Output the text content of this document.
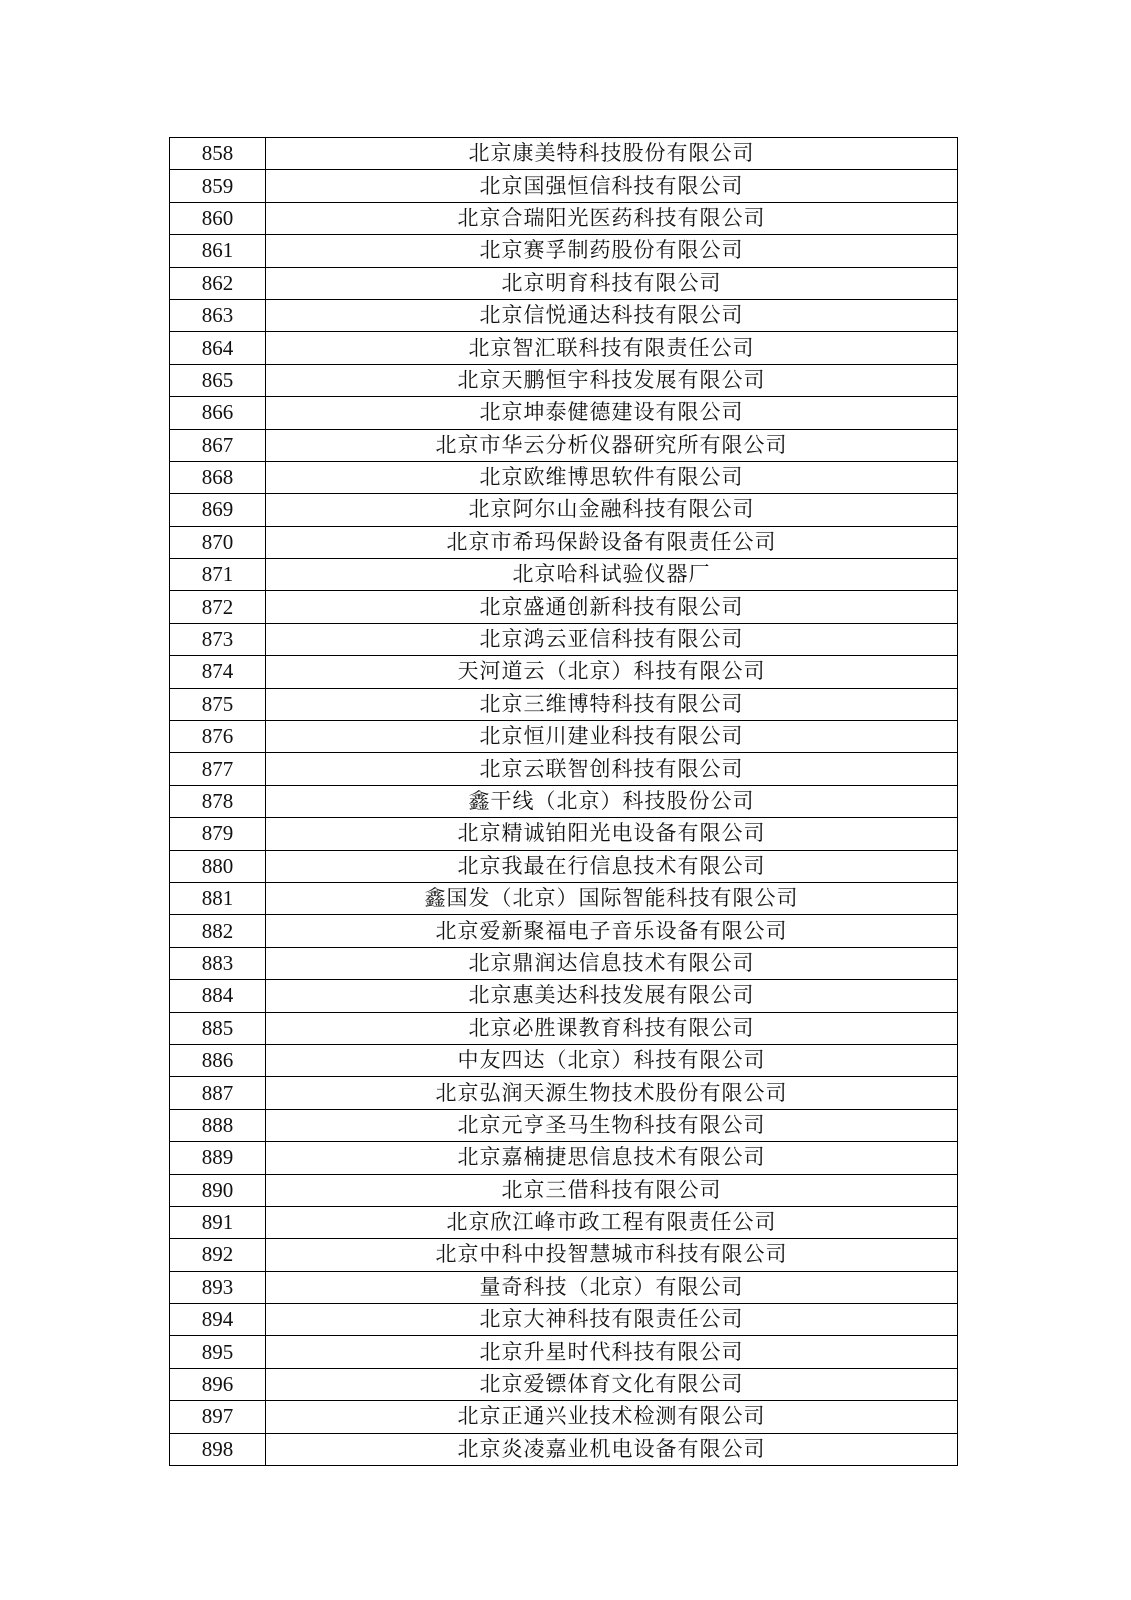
858	北京康美特科技股份有限公司
859	北京国强恒信科技有限公司
860	北京合瑞阳光医药科技有限公司
861	北京赛孚制药股份有限公司
862	北京明育科技有限公司
863	北京信悦通达科技有限公司
864	北京智汇联科技有限责任公司
865	北京天鹏恒宇科技发展有限公司
866	北京坤泰健德建设有限公司
867	北京市华云分析仪器研究所有限公司
868	北京欧维博思软件有限公司
869	北京阿尔山金融科技有限公司
870	北京市希玛保龄设备有限责任公司
871	北京哈科试验仪器厂
872	北京盛通创新科技有限公司
873	北京鸿云亚信科技有限公司
874	天河道云（北京）科技有限公司
875	北京三维博特科技有限公司
876	北京恒川建业科技有限公司
877	北京云联智创科技有限公司
878	鑫干线（北京）科技股份公司
879	北京精诚铂阳光电设备有限公司
880	北京我最在行信息技术有限公司
881	鑫国发（北京）国际智能科技有限公司
882	北京爱新聚福电子音乐设备有限公司
883	北京鼎润达信息技术有限公司
884	北京惠美达科技发展有限公司
885	北京必胜课教育科技有限公司
886	中友四达（北京）科技有限公司
887	北京弘润天源生物技术股份有限公司
888	北京元亨圣马生物科技有限公司
889	北京嘉楠捷思信息技术有限公司
890	北京三借科技有限公司
891	北京欣江峰市政工程有限责任公司
892	北京中科中投智慧城市科技有限公司
893	量奇科技（北京）有限公司
894	北京大神科技有限责任公司
895	北京升星时代科技有限公司
896	北京爱镖体育文化有限公司
897	北京正通兴业技术检测有限公司
898	北京炎凌嘉业机电设备有限公司
